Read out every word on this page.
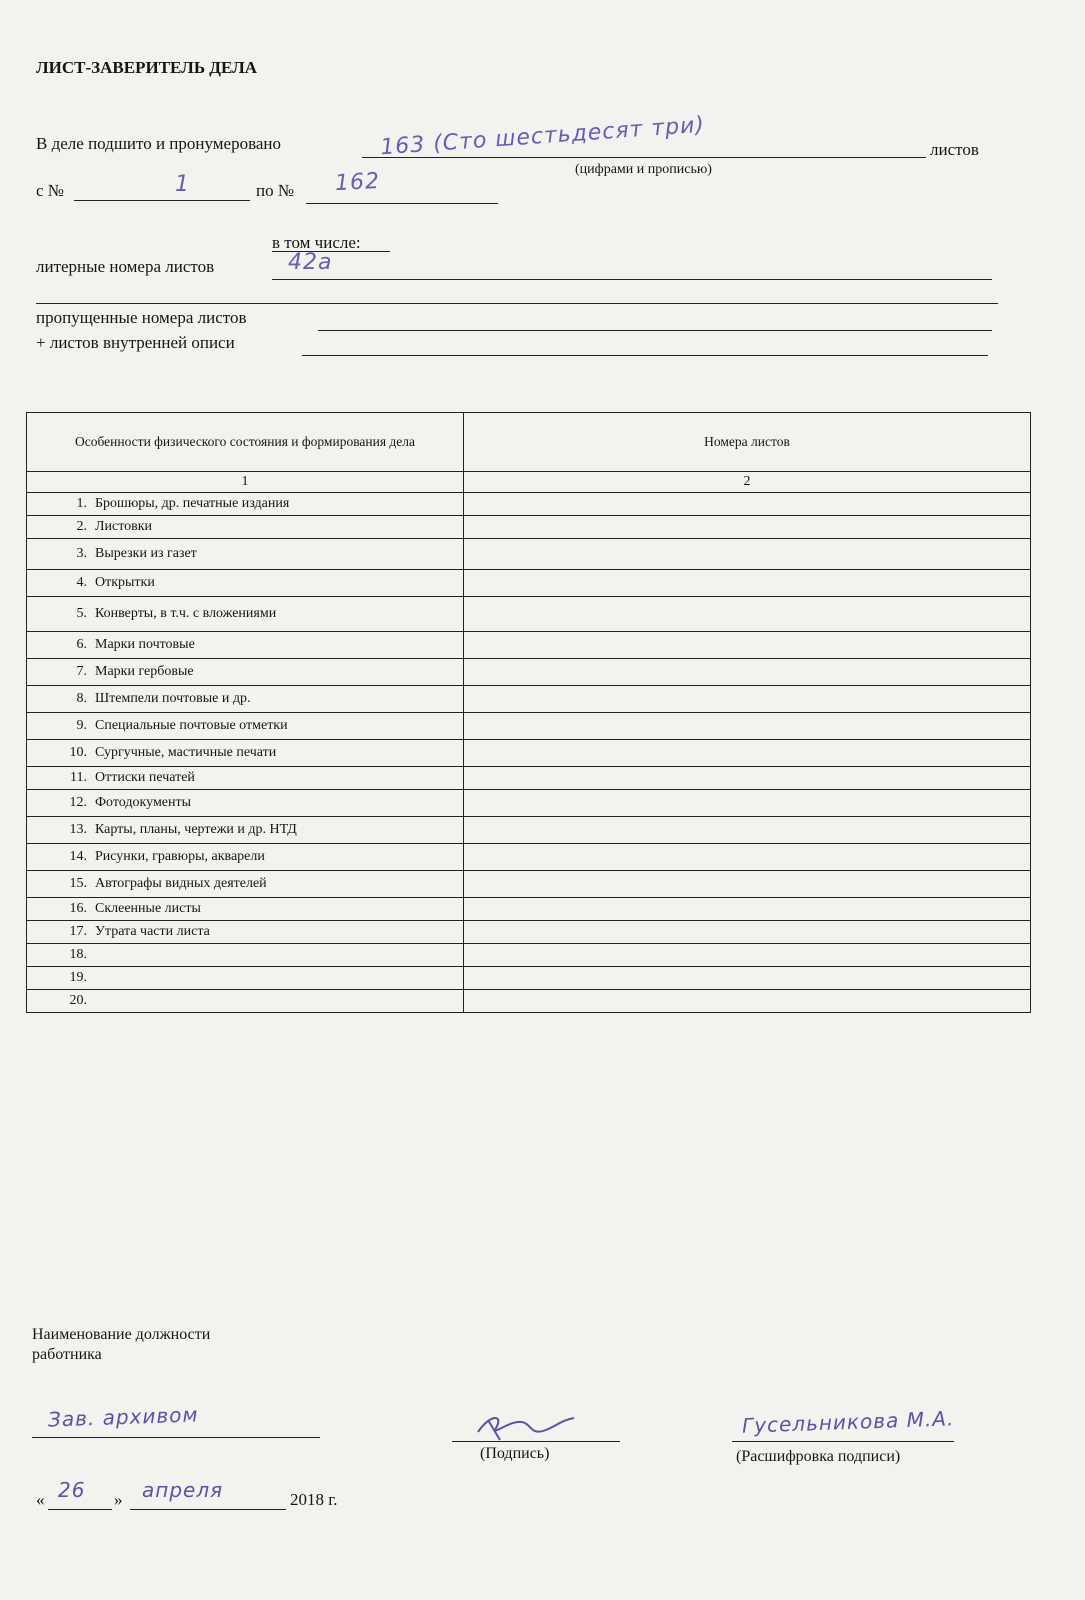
ЛИСТ-ЗАВЕРИТЕЛЬ ДЕЛА
В деле подшито и пронумеровано	163 (Сто шестьдесят три)	листов
(цифрами и прописью)
с №	1	по № 162
в том числе:
литерные номера листов	42а
пропущенные номера листов
+ листов внутренней описи
Особенности физического состояния и формирования дела	Номера листов
1	2
1. Брошюры, др. печатные издания	
2. Листовки	
3. Вырезки из газет	
4. Открытки	
5. Конверты, в т.ч. с вложениями	
6. Марки почтовые	
7. Марки гербовые	
8. Штемпели почтовые и др.	
9. Специальные почтовые отметки	
10. Сургучные, мастичные печати	
11. Оттиски печатей	
12. Фотодокументы	
13. Карты, планы, чертежи и др. НТД	
14. Рисунки, гравюры, акварели	
15. Автографы видных деятелей	
16. Склеенные листы	
17. Утрата части листа	
18.	
19.	
20.	
Наименование должности
работника
Зав. архивом
(Подпись)
Гусельникова М.А.
(Расшифровка подписи)
« 26 » апреля	2018 г.
